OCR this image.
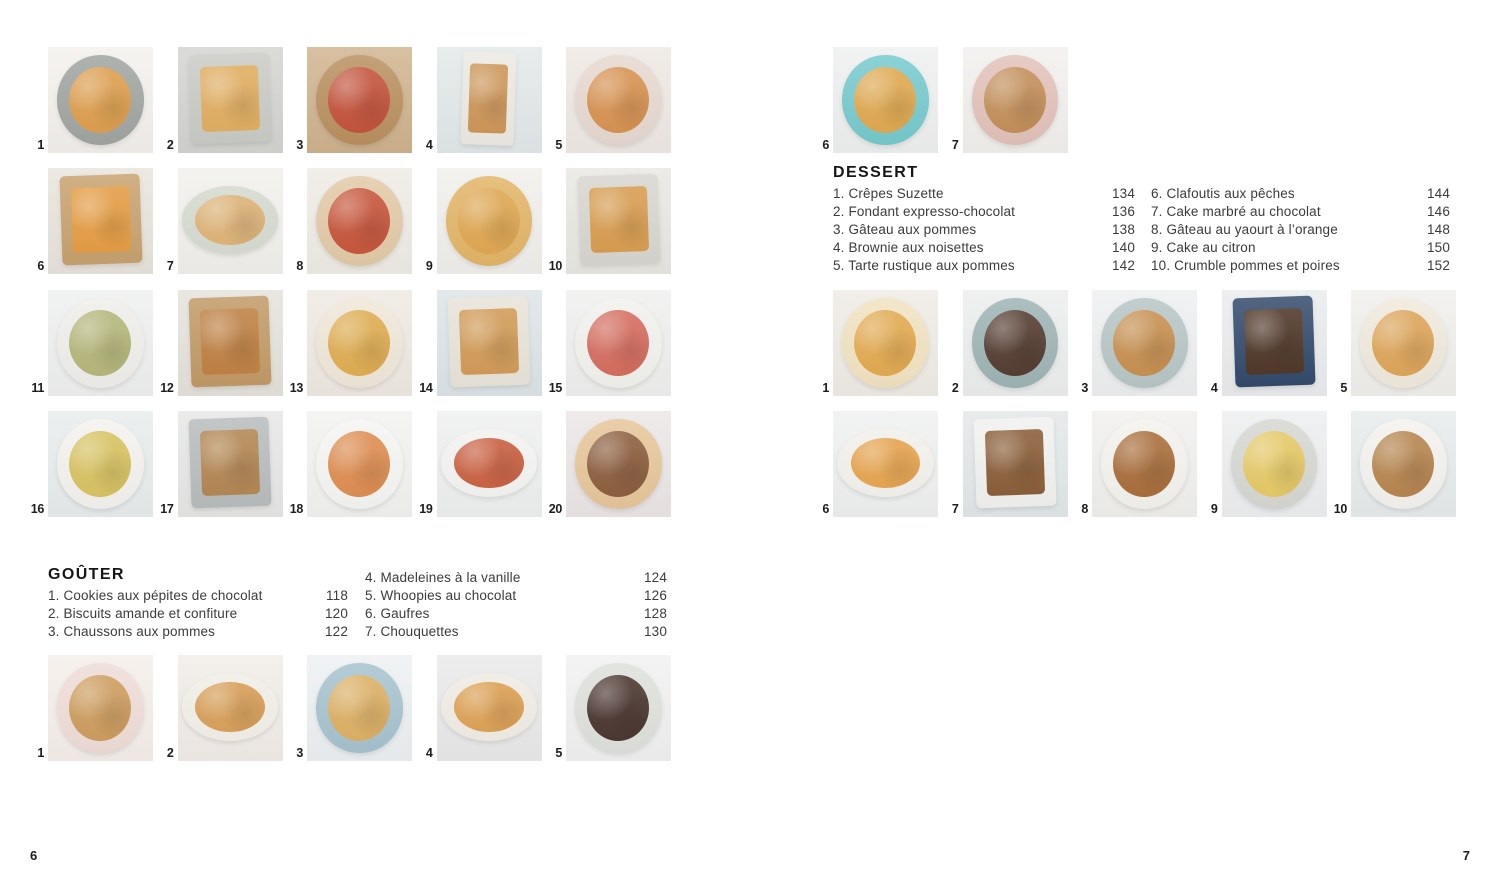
1	2	3	4	5
6	7	8	9	10
11	12	13	14	15
16	17	18	19	20
GOÛTER
1. Cookies aux pépites de chocolat	118
2. Biscuits amande et confiture	120
3. Chaussons aux pommes	122
4. Madeleines à la vanille	124
5. Whoopies au chocolat	126
6. Gaufres	128
7. Chouquettes	130
1	2	3	4	5
6
6	7
DESSERT
1. Crêpes Suzette	134
2. Fondant expresso-chocolat	136
3. Gâteau aux pommes	138
4. Brownie aux noisettes	140
5. Tarte rustique aux pommes	142
6. Clafoutis aux pêches	144
7. Cake marbré au chocolat	146
8. Gâteau au yaourt à l’orange	148
9. Cake au citron	150
10. Crumble pommes et poires	152
1	2	3	4	5
6	7	8	9	10
7
